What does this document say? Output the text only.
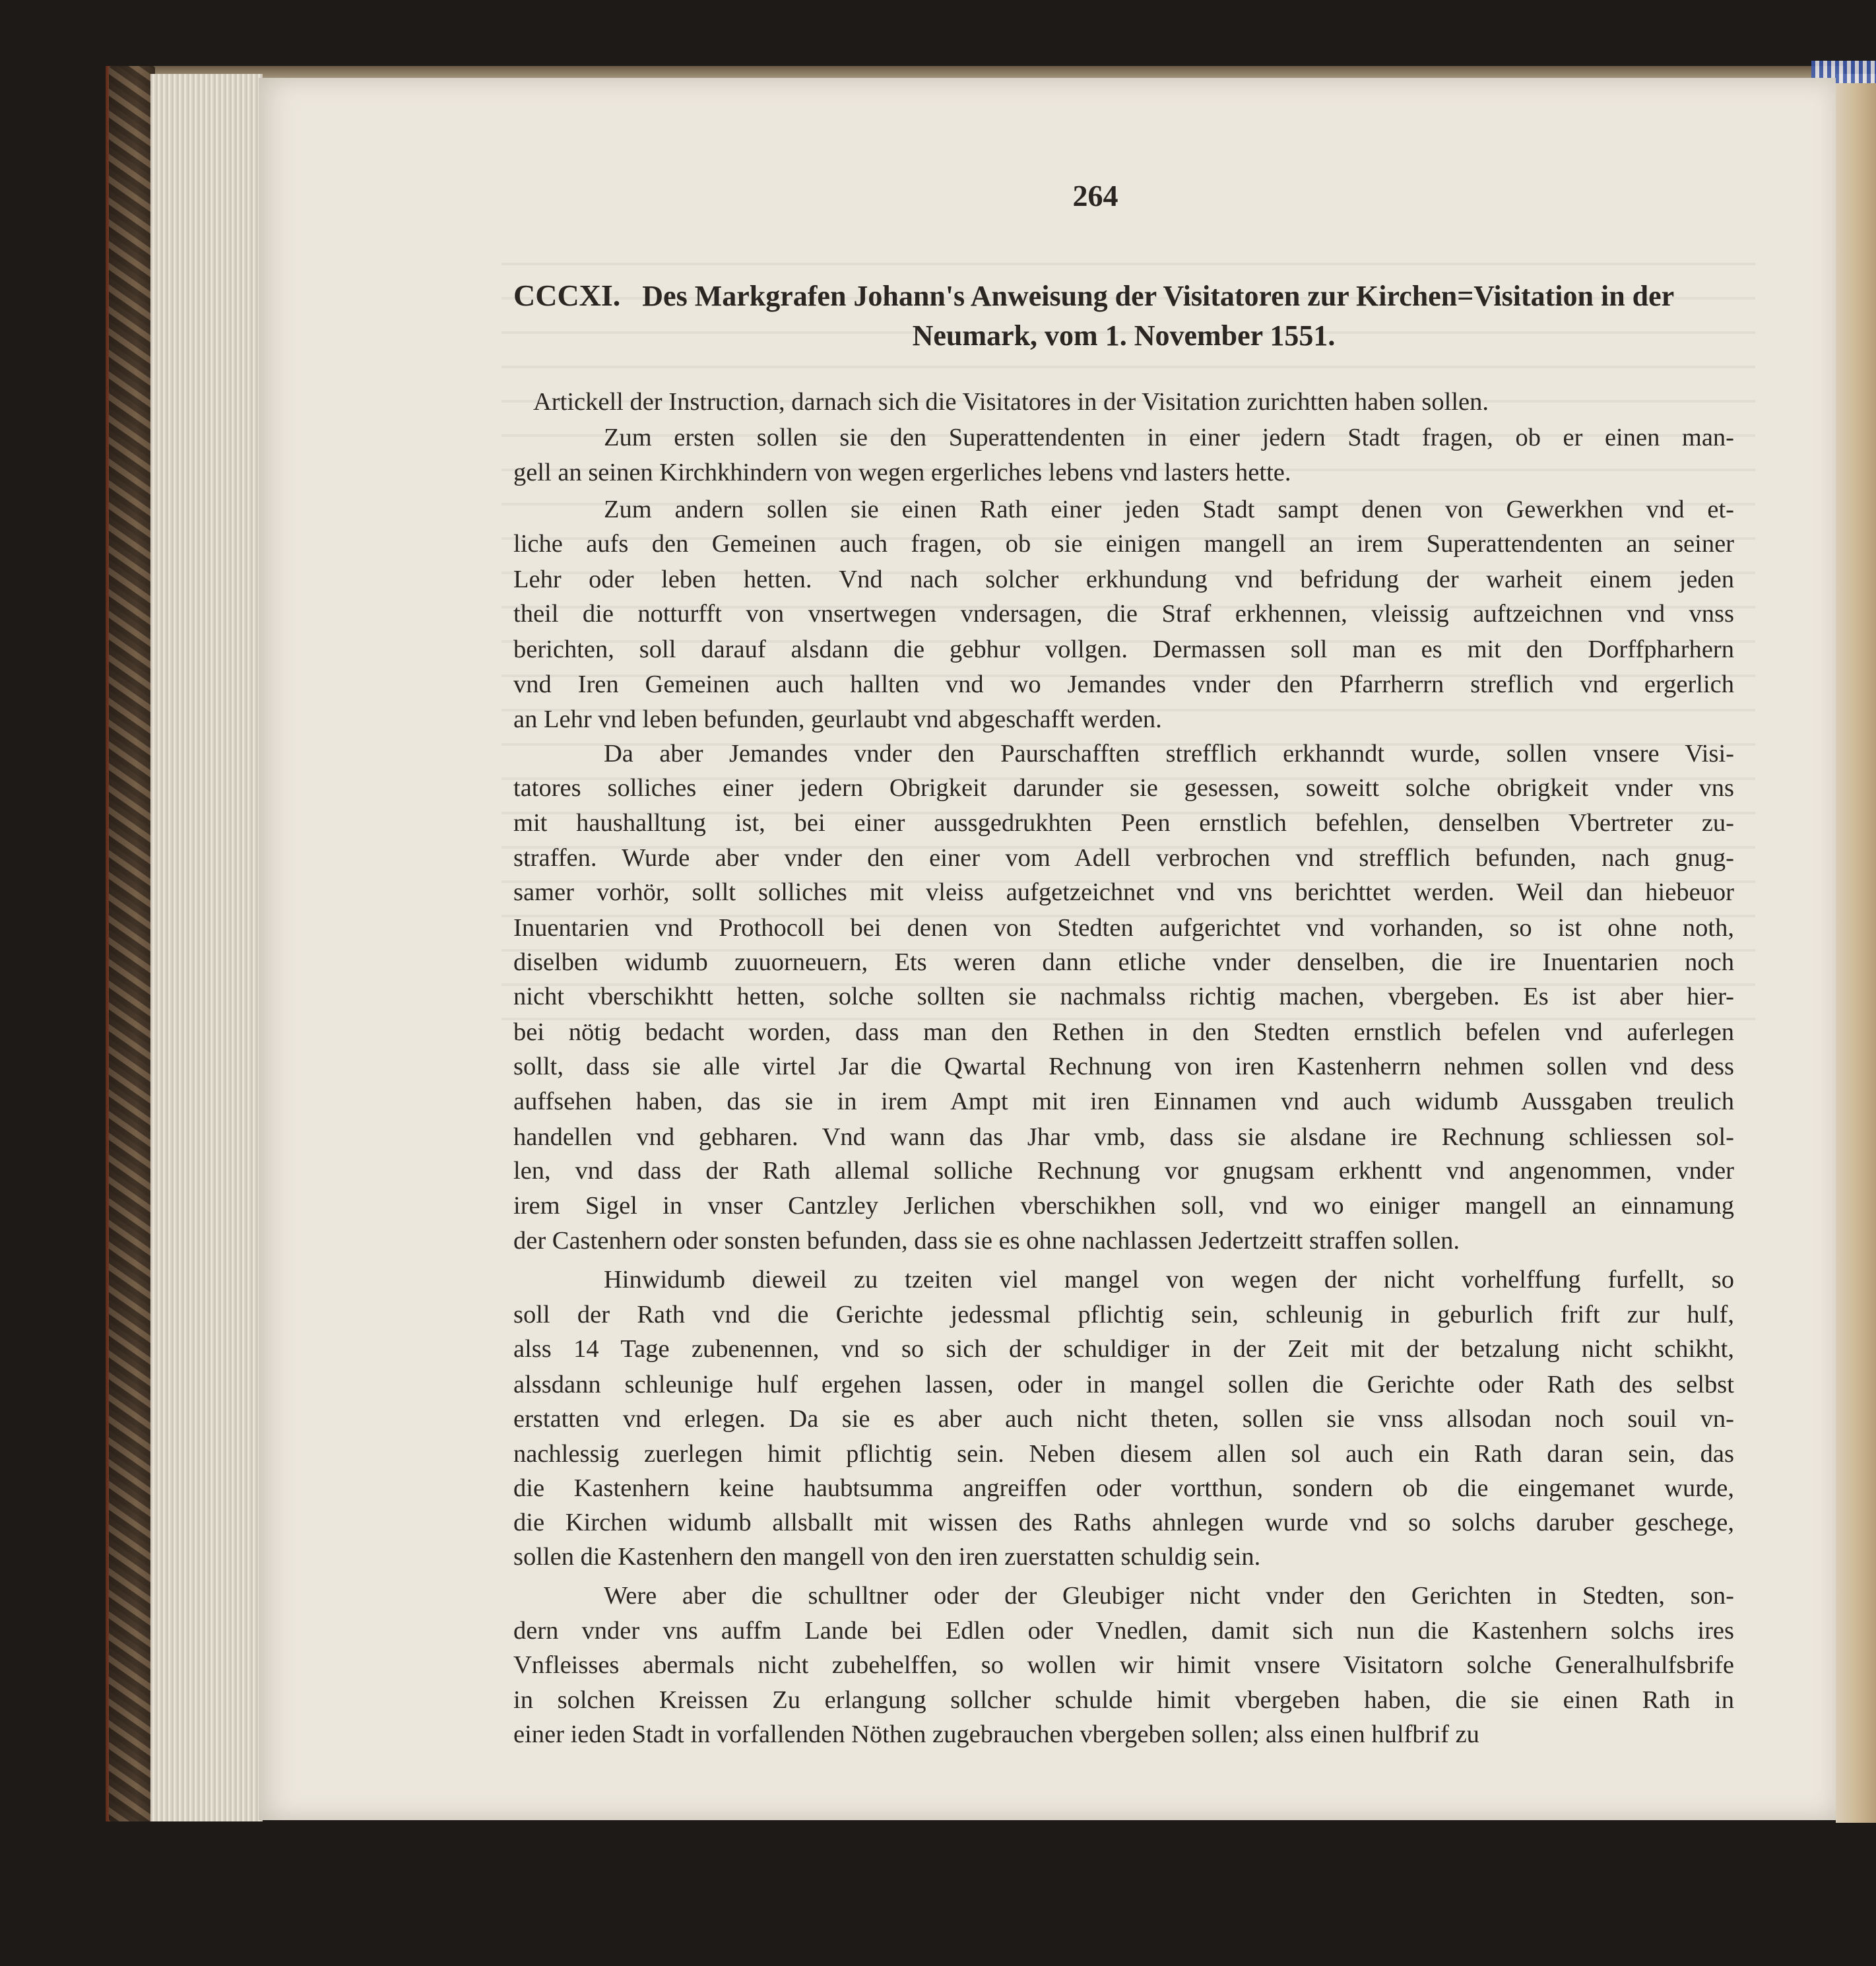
264
CCCXI. Des Markgrafen Johann's Anweisung der Visitatoren zur Kirchen=Visitation in der
Neumark, vom 1. November 1551.
Artickell der Instruction, darnach sich die Visitatores in der Visitation zurichtten haben sollen.
Zum ersten sollen sie den Superattendenten in einer jedern Stadt fragen, ob er einen man-
gell an seinen Kirchkhindern von wegen ergerliches lebens vnd lasters hette.
Zum andern sollen sie einen Rath einer jeden Stadt sampt denen von Gewerkhen vnd et-
liche aufs den Gemeinen auch fragen, ob sie einigen mangell an irem Superattendenten an seiner
Lehr oder leben hetten. Vnd nach solcher erkhundung vnd befridung der warheit einem jeden
theil die notturfft von vnsertwegen vndersagen, die Straf erkhennen, vleissig auftzeichnen vnd vnss
berichten, soll darauf alsdann die gebhur vollgen. Dermassen soll man es mit den Dorffpharhern
vnd Iren Gemeinen auch hallten vnd wo Jemandes vnder den Pfarrherrn streflich vnd ergerlich
an Lehr vnd leben befunden, geurlaubt vnd abgeschafft werden.
Da aber Jemandes vnder den Paurschafften strefflich erkhanndt wurde, sollen vnsere Visi-
tatores solliches einer jedern Obrigkeit darunder sie gesessen, soweitt solche obrigkeit vnder vns
mit haushalltung ist, bei einer aussgedrukhten Peen ernstlich befehlen, denselben Vbertreter zu-
straffen. Wurde aber vnder den einer vom Adell verbrochen vnd strefflich befunden, nach gnug-
samer vorhör, sollt solliches mit vleiss aufgetzeichnet vnd vns berichttet werden. Weil dan hiebeuor
Inuentarien vnd Prothocoll bei denen von Stedten aufgerichtet vnd vorhanden, so ist ohne noth,
diselben widumb zuuorneuern, Ets weren dann etliche vnder denselben, die ire Inuentarien noch
nicht vberschikhtt hetten, solche sollten sie nachmalss richtig machen, vbergeben. Es ist aber hier-
bei nötig bedacht worden, dass man den Rethen in den Stedten ernstlich befelen vnd auferlegen
sollt, dass sie alle virtel Jar die Qwartal Rechnung von iren Kastenherrn nehmen sollen vnd dess
auffsehen haben, das sie in irem Ampt mit iren Einnamen vnd auch widumb Aussgaben treulich
handellen vnd gebharen. Vnd wann das Jhar vmb, dass sie alsdane ire Rechnung schliessen sol-
len, vnd dass der Rath allemal solliche Rechnung vor gnugsam erkhentt vnd angenommen, vnder
irem Sigel in vnser Cantzley Jerlichen vberschikhen soll, vnd wo einiger mangell an einnamung
der Castenhern oder sonsten befunden, dass sie es ohne nachlassen Jedertzeitt straffen sollen.
Hinwidumb dieweil zu tzeiten viel mangel von wegen der nicht vorhelffung furfellt, so
soll der Rath vnd die Gerichte jedessmal pflichtig sein, schleunig in geburlich frift zur hulf,
alss 14 Tage zubenennen, vnd so sich der schuldiger in der Zeit mit der betzalung nicht schikht,
alssdann schleunige hulf ergehen lassen, oder in mangel sollen die Gerichte oder Rath des selbst
erstatten vnd erlegen. Da sie es aber auch nicht theten, sollen sie vnss allsodan noch souil vn-
nachlessig zuerlegen himit pflichtig sein. Neben diesem allen sol auch ein Rath daran sein, das
die Kastenhern keine haubtsumma angreiffen oder vortthun, sondern ob die eingemanet wurde,
die Kirchen widumb allsballt mit wissen des Raths ahnlegen wurde vnd so solchs daruber geschege,
sollen die Kastenhern den mangell von den iren zuerstatten schuldig sein.
Were aber die schulltner oder der Gleubiger nicht vnder den Gerichten in Stedten, son-
dern vnder vns auffm Lande bei Edlen oder Vnedlen, damit sich nun die Kastenhern solchs ires
Vnfleisses abermals nicht zubehelffen, so wollen wir himit vnsere Visitatorn solche Generalhulfsbrife
in solchen Kreissen Zu erlangung sollcher schulde himit vbergeben haben, die sie einen Rath in
einer ieden Stadt in vorfallenden Nöthen zugebrauchen vbergeben sollen; alss einen hulfbrif zu
